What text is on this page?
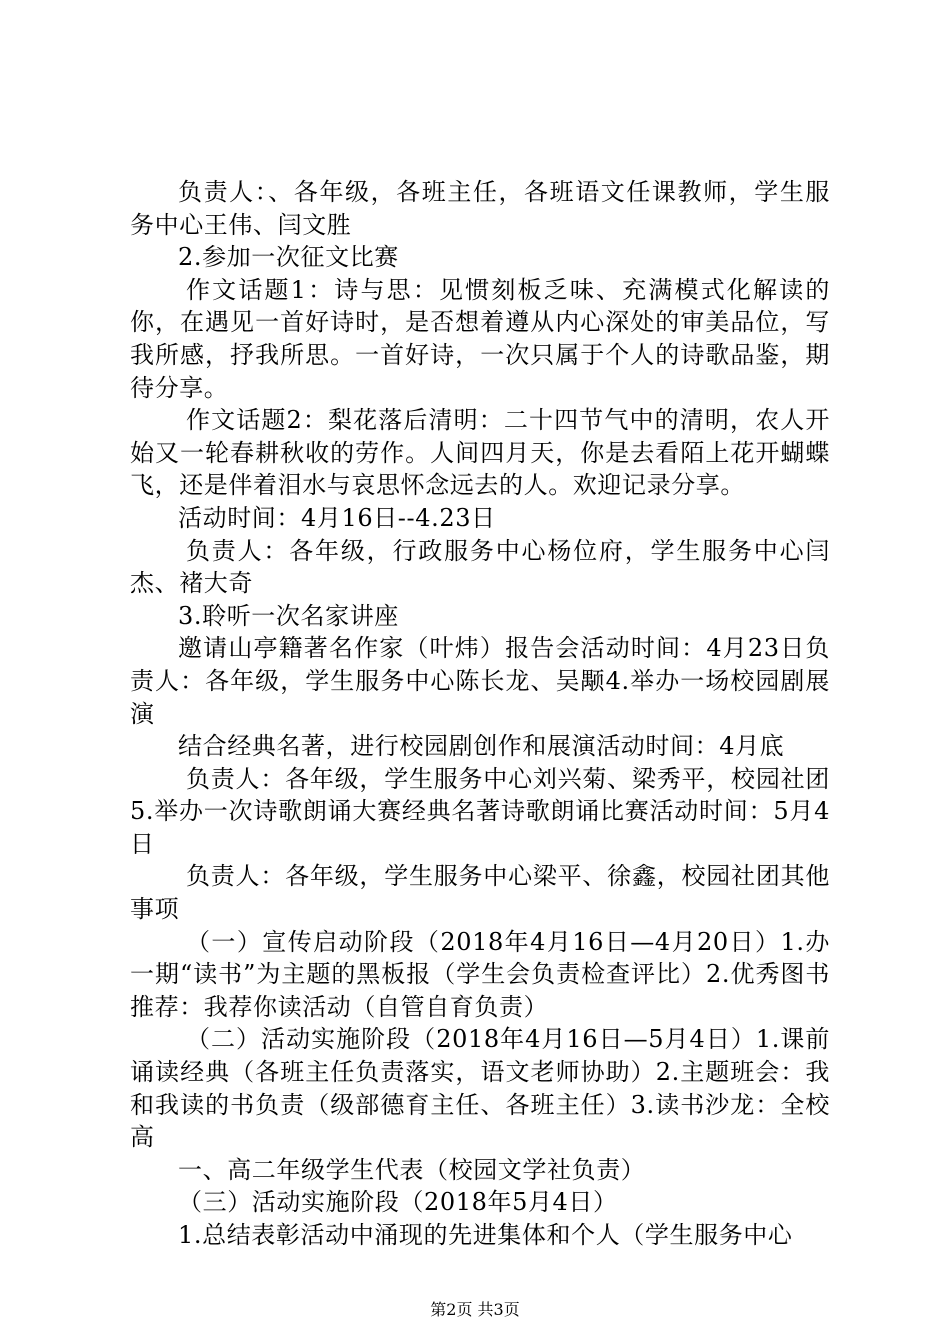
负责人：、各年级，各班主任，各班语文任课教师，学生服务中心王伟、闫文胜

2.参加一次征文比赛

作文话题1：诗与思：见惯刻板乏味、充满模式化解读的你，在遇见一首好诗时，是否想着遵从内心深处的审美品位，写我所感，抒我所思。一首好诗，一次只属于个人的诗歌品鉴，期待分享。

作文话题2：梨花落后清明：二十四节气中的清明，农人开始又一轮春耕秋收的劳作。人间四月天，你是去看陌上花开蝴蝶飞，还是伴着泪水与哀思怀念远去的人。欢迎记录分享。

活动时间：4月16日--4.23日

负责人：各年级，行政服务中心杨位府，学生服务中心闫杰、褚大奇

3.聆听一次名家讲座

邀请山亭籍著名作家（叶炜）报告会活动时间：4月23日负责人：各年级，学生服务中心陈长龙、吴颙4.举办一场校园剧展演

结合经典名著，进行校园剧创作和展演活动时间：4月底

负责人：各年级，学生服务中心刘兴菊、梁秀平，校园社团5.举办一次诗歌朗诵大赛经典名著诗歌朗诵比赛活动时间：5月4日

负责人：各年级，学生服务中心梁平、徐鑫，校园社团其他事项

（一）宣传启动阶段（2018年4月16日—4月20日）1.办一期“读书”为主题的黑板报（学生会负责检查评比）2.优秀图书推荐：我荐你读活动（自管自育负责）

（二）活动实施阶段（2018年4月16日—5月4日）1.课前诵读经典（各班主任负责落实，语文老师协助）2.主题班会：我和我读的书负责（级部德育主任、各班主任）3.读书沙龙：全校高

一、高二年级学生代表（校园文学社负责）

（三）活动实施阶段（2018年5月4日）

1.总结表彰活动中涌现的先进集体和个人（学生服务中心

第2页 共3页
